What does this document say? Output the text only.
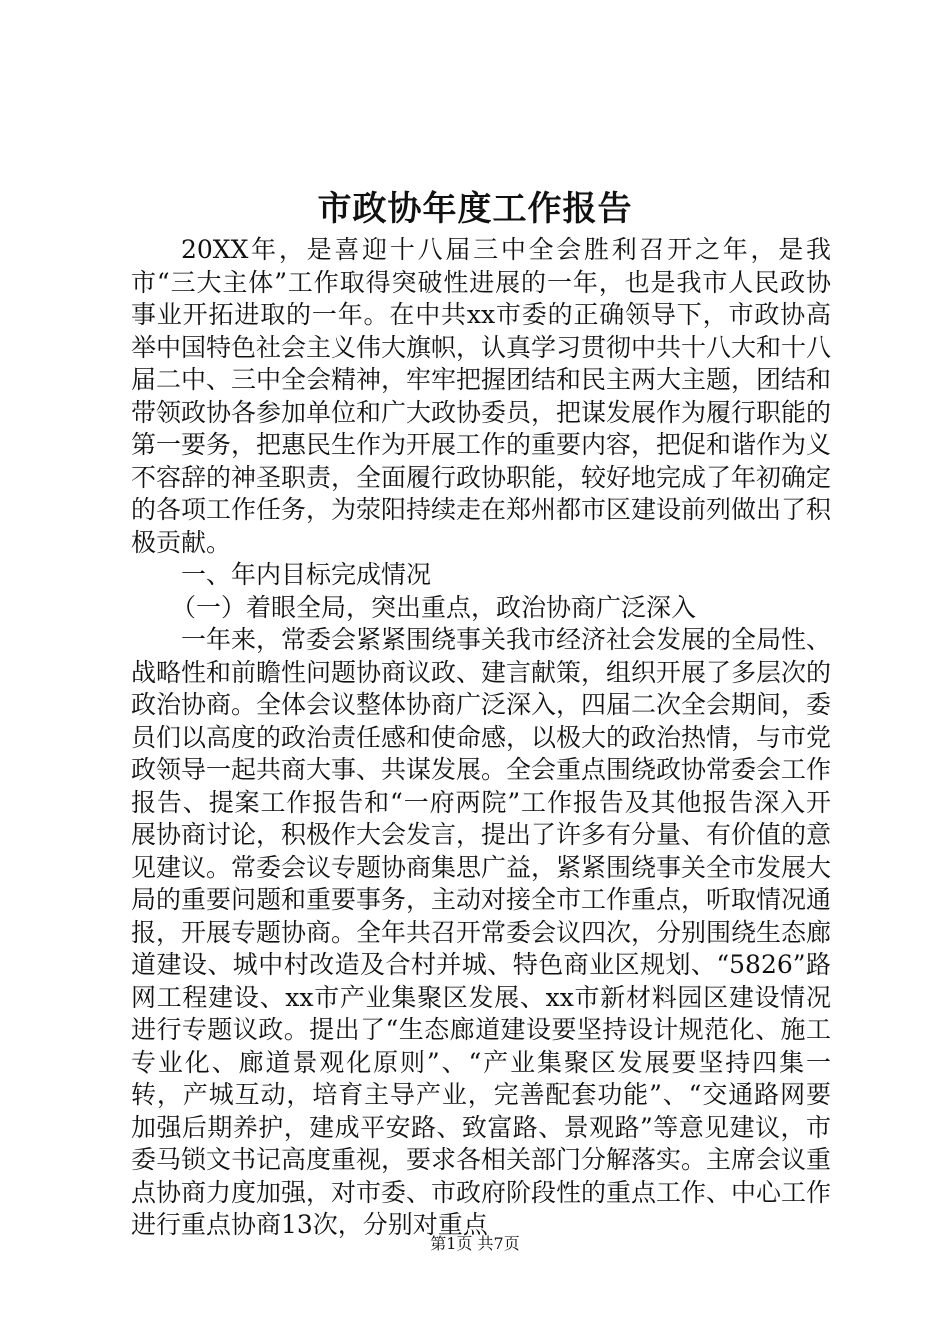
市政协年度工作报告

20XX年，是喜迎十八届三中全会胜利召开之年，是我市“三大主体”工作取得突破性进展的一年，也是我市人民政协事业开拓进取的一年。在中共xx市委的正确领导下，市政协高举中国特色社会主义伟大旗帜，认真学习贯彻中共十八大和十八届二中、三中全会精神，牢牢把握团结和民主两大主题，团结和带领政协各参加单位和广大政协委员，把谋发展作为履行职能的第一要务，把惠民生作为开展工作的重要内容，把促和谐作为义不容辞的神圣职责，全面履行政协职能，较好地完成了年初确定的各项工作任务，为荥阳持续走在郑州都市区建设前列做出了积极贡献。

一、年内目标完成情况

（一）着眼全局，突出重点，政治协商广泛深入

一年来，常委会紧紧围绕事关我市经济社会发展的全局性、战略性和前瞻性问题协商议政、建言献策，组织开展了多层次的政治协商。全体会议整体协商广泛深入，四届二次全会期间，委员们以高度的政治责任感和使命感，以极大的政治热情，与市党政领导一起共商大事、共谋发展。全会重点围绕政协常委会工作报告、提案工作报告和“一府两院”工作报告及其他报告深入开展协商讨论，积极作大会发言，提出了许多有分量、有价值的意见建议。常委会议专题协商集思广益，紧紧围绕事关全市发展大局的重要问题和重要事务，主动对接全市工作重点，听取情况通报，开展专题协商。全年共召开常委会议四次，分别围绕生态廊道建设、城中村改造及合村并城、特色商业区规划、“5826”路网工程建设、xx市产业集聚区发展、xx市新材料园区建设情况进行专题议政。提出了“生态廊道建设要坚持设计规范化、施工专业化、廊道景观化原则”、“产业集聚区发展要坚持四集一转，产城互动，培育主导产业，完善配套功能”、“交通路网要加强后期养护，建成平安路、致富路、景观路”等意见建议，市委马锁文书记高度重视，要求各相关部门分解落实。主席会议重点协商力度加强，对市委、市政府阶段性的重点工作、中心工作进行重点协商13次，分别对重点

第1页 共7页
